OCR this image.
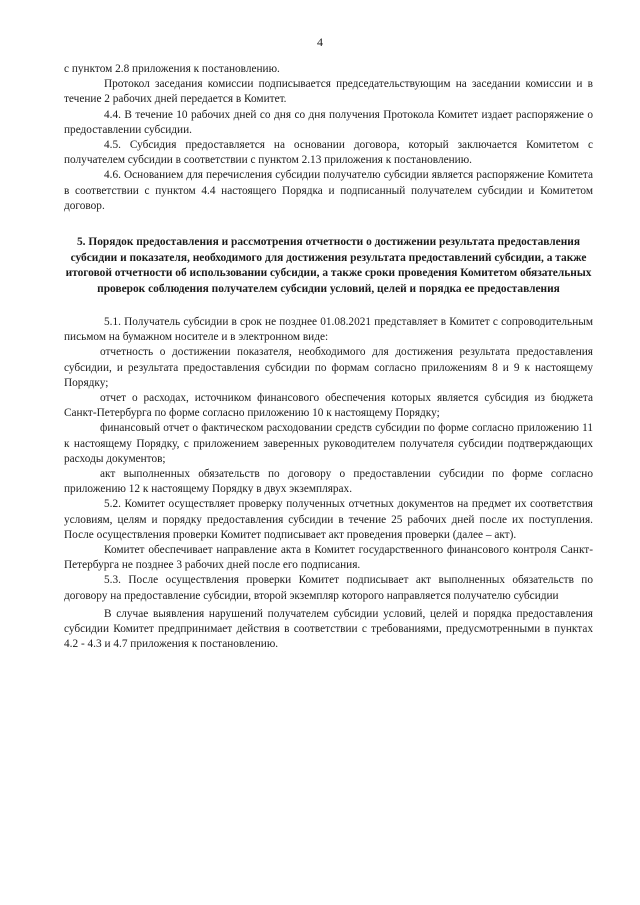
4

с пунктом 2.8 приложения к постановлению.

Протокол заседания комиссии подписывается председательствующим на заседании комиссии и в течение 2 рабочих дней передается в Комитет.

4.4. В течение 10 рабочих дней со дня со дня получения Протокола Комитет издает распоряжение о предоставлении субсидии.

4.5. Субсидия предоставляется на основании договора, который заключается Комитетом с получателем субсидии в соответствии с пунктом 2.13 приложения к постановлению.

4.6. Основанием для перечисления субсидии получателю субсидии является распоряжение Комитета в соответствии с пунктом 4.4 настоящего Порядка и подписанный получателем субсидии и Комитетом договор.

5. Порядок предоставления и рассмотрения отчетности о достижении результата предоставления субсидии и показателя, необходимого для достижения результата предоставлений субсидии, а также итоговой отчетности об использовании субсидии, а также сроки проведения Комитетом обязательных проверок соблюдения получателем субсидии условий, целей и порядка ее предоставления

5.1. Получатель субсидии в срок не позднее 01.08.2021 представляет в Комитет с сопроводительным письмом на бумажном носителе и в электронном виде:

отчетность о достижении показателя, необходимого для достижения результата предоставления субсидии, и результата предоставления субсидии по формам согласно приложениям 8 и 9 к настоящему Порядку;

отчет о расходах, источником финансового обеспечения которых является субсидия из бюджета Санкт-Петербурга по форме согласно приложению 10 к настоящему Порядку;

финансовый отчет о фактическом расходовании средств субсидии по форме согласно приложению 11 к настоящему Порядку, с приложением заверенных руководителем получателя субсидии подтверждающих расходы документов;

акт выполненных обязательств по договору о предоставлении субсидии по форме согласно приложению 12 к настоящему Порядку в двух экземплярах.

5.2. Комитет осуществляет проверку полученных отчетных документов на предмет их соответствия условиям, целям и порядку предоставления субсидии в течение 25 рабочих дней после их поступления. После осуществления проверки Комитет подписывает акт проведения проверки (далее – акт).

Комитет обеспечивает направление акта в Комитет государственного финансового контроля Санкт-Петербурга не позднее 3 рабочих дней после его подписания.

5.3. После осуществления проверки Комитет подписывает акт выполненных обязательств по договору на предоставление субсидии, второй экземпляр которого направляется получателю субсидии

В случае выявления нарушений получателем субсидии условий, целей и порядка предоставления субсидии Комитет предпринимает действия в соответствии с требованиями, предусмотренными в пунктах 4.2 - 4.3 и 4.7 приложения к постановлению.
